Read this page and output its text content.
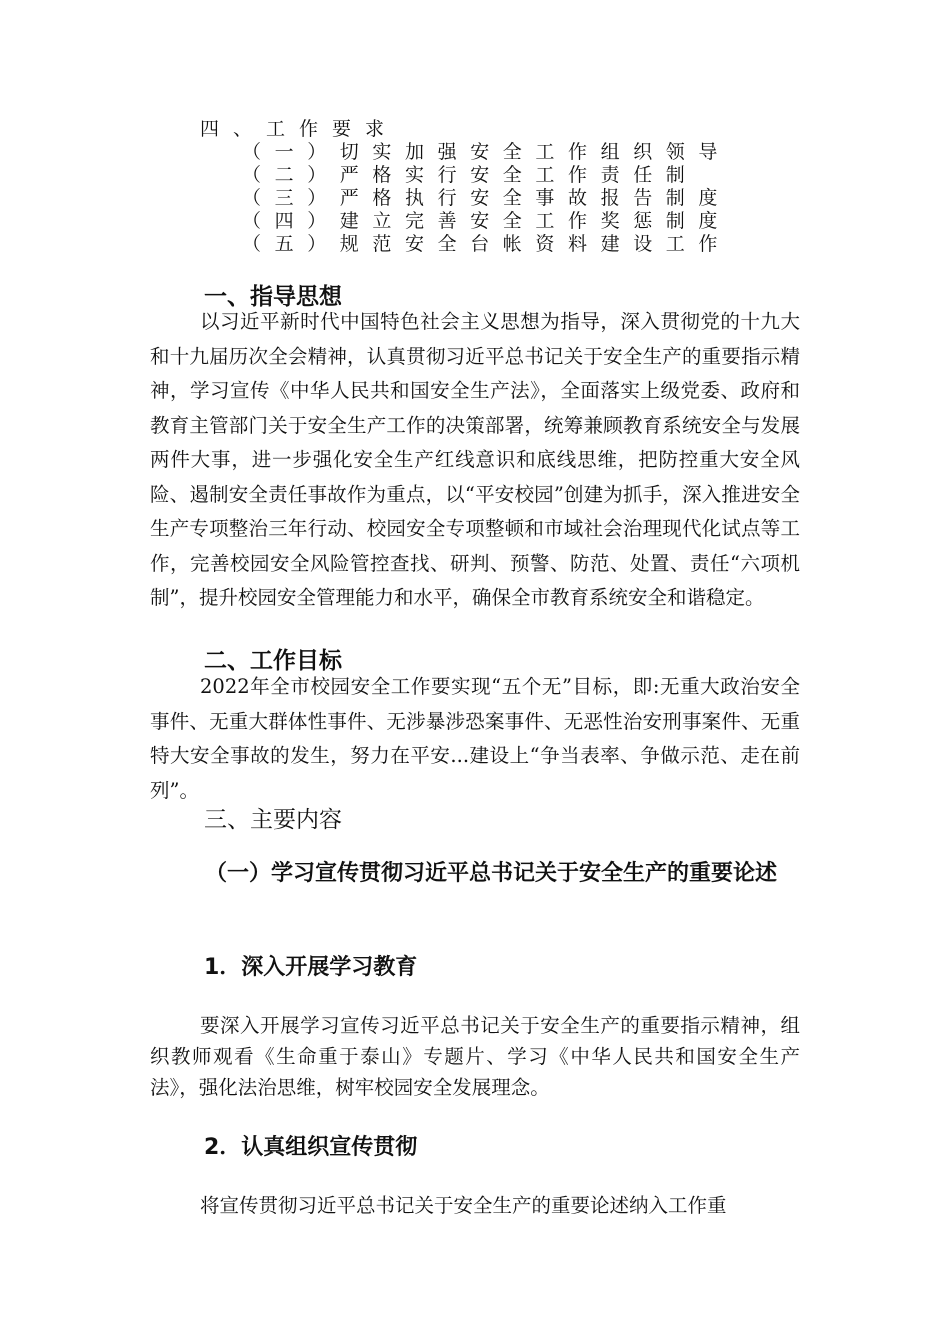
四、工作要求
（一）切实加强安全工作组织领导
（二）严格实行安全工作责任制
（三）严格执行安全事故报告制度
（四）建立完善安全工作奖惩制度
（五）规范安全台帐资料建设工作
一、指导思想
以习近平新时代中国特色社会主义思想为指导，深入贯彻党的十九大和十九届历次全会精神，认真贯彻习近平总书记关于安全生产的重要指示精神，学习宣传《中华人民共和国安全生产法》，全面落实上级党委、政府和教育主管部门关于安全生产工作的决策部署，统筹兼顾教育系统安全与发展两件大事，进一步强化安全生产红线意识和底线思维，把防控重大安全风险、遏制安全责任事故作为重点，以“平安校园”创建为抓手，深入推进安全生产专项整治三年行动、校园安全专项整顿和市域社会治理现代化试点等工作，完善校园安全风险管控查找、研判、预警、防范、处置、责任“六项机制”，提升校园安全管理能力和水平，确保全市教育系统安全和谐稳定。
二、工作目标
2022年全市校园安全工作要实现“五个无”目标，即:无重大政治安全事件、无重大群体性事件、无涉暴涉恐案事件、无恶性治安刑事案件、无重特大安全事故的发生，努力在平安...建设上“争当表率、争做示范、走在前列”。
三、主要内容
（一）学习宣传贯彻习近平总书记关于安全生产的重要论述
1．深入开展学习教育
要深入开展学习宣传习近平总书记关于安全生产的重要指示精神，组织教师观看《生命重于泰山》专题片、学习《中华人民共和国安全生产法》，强化法治思维，树牢校园安全发展理念。
2．认真组织宣传贯彻
将宣传贯彻习近平总书记关于安全生产的重要论述纳入工作重
